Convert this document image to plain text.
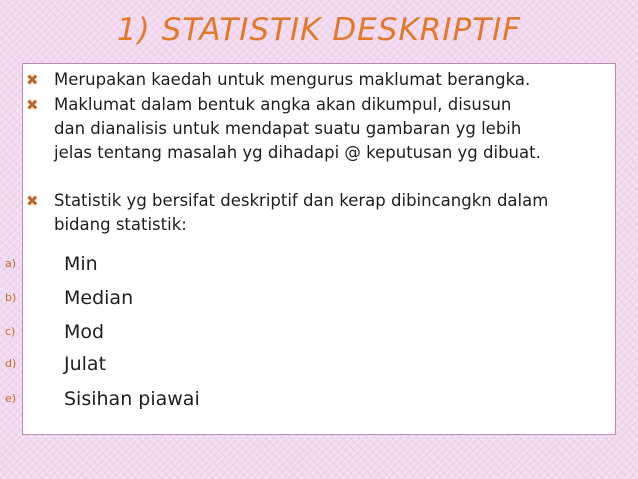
1) STATISTIK DESKRIPTIF
✖ Merupakan kaedah untuk mengurus maklumat berangka.
✖ Maklumat dalam bentuk angka akan dikumpul, disusun
dan dianalisis untuk mendapat suatu gambaran yg lebih
jelas tentang masalah yg dihadapi @ keputusan yg dibuat.
✖ Statistik yg bersifat deskriptif dan kerap dibincangkn dalam
bidang statistik:
a)	Min
b)	Median
c)	Mod
d)	Julat
e)	Sisihan piawai
